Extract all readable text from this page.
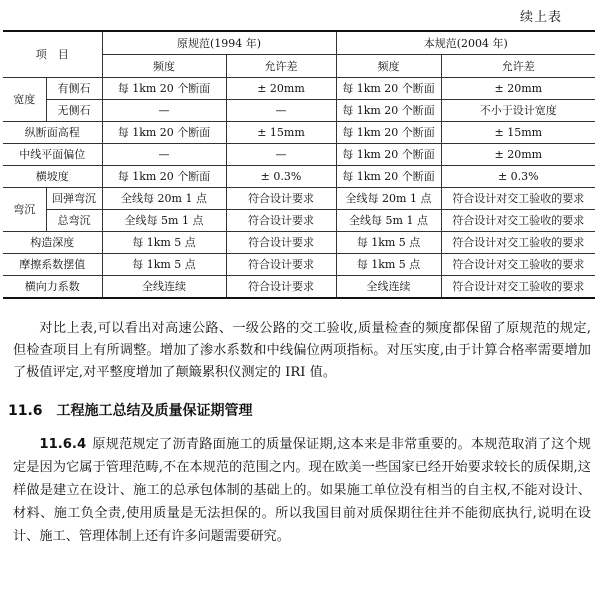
续上表
项　目		原规范(1994 年)		本规范(2004 年)	
		频度	允许差	频度	允许差
宽度	有侧石	每 1km 20 个断面	± 20mm	每 1km 20 个断面	± 20mm
	无侧石	—	—	每 1km 20 个断面	不小于设计宽度
纵断面高程		每 1km 20 个断面	± 15mm	每 1km 20 个断面	± 15mm
中线平面偏位		—	—	每 1km 20 个断面	± 20mm
横坡度		每 1km 20 个断面	± 0.3%	每 1km 20 个断面	± 0.3%
弯沉	回弹弯沉	全线每 20m 1 点	符合设计要求	全线每 20m 1 点	符合设计对交工验收的要求
	总弯沉	全线每 5m 1 点	符合设计要求	全线每 5m 1 点	符合设计对交工验收的要求
构造深度		每 1km 5 点	符合设计要求	每 1km 5 点	符合设计对交工验收的要求
摩擦系数摆值		每 1km 5 点	符合设计要求	每 1km 5 点	符合设计对交工验收的要求
横向力系数		全线连续	符合设计要求	全线连续	符合设计对交工验收的要求

对比上表,可以看出对高速公路、一级公路的交工验收,质量检查的频度都保留了原规范的规定,但检查项目上有所调整。增加了渗水系数和中线偏位两项指标。对压实度,由于计算合格率需要增加了极值评定,对平整度增加了颠簸累积仪测定的 IRI 值。

11.6 工程施工总结及质量保证期管理

11.6.4 原规范规定了沥青路面施工的质量保证期,这本来是非常重要的。本规范取消了这个规定是因为它属于管理范畴,不在本规范的范围之内。现在欧美一些国家已经开始要求较长的质保期,这样做是建立在设计、施工的总承包体制的基础上的。如果施工单位没有相当的自主权,不能对设计、材料、施工负全责,使用质量是无法担保的。所以我国目前对质保期往往并不能彻底执行,说明在设计、施工、管理体制上还有许多问题需要研究。
